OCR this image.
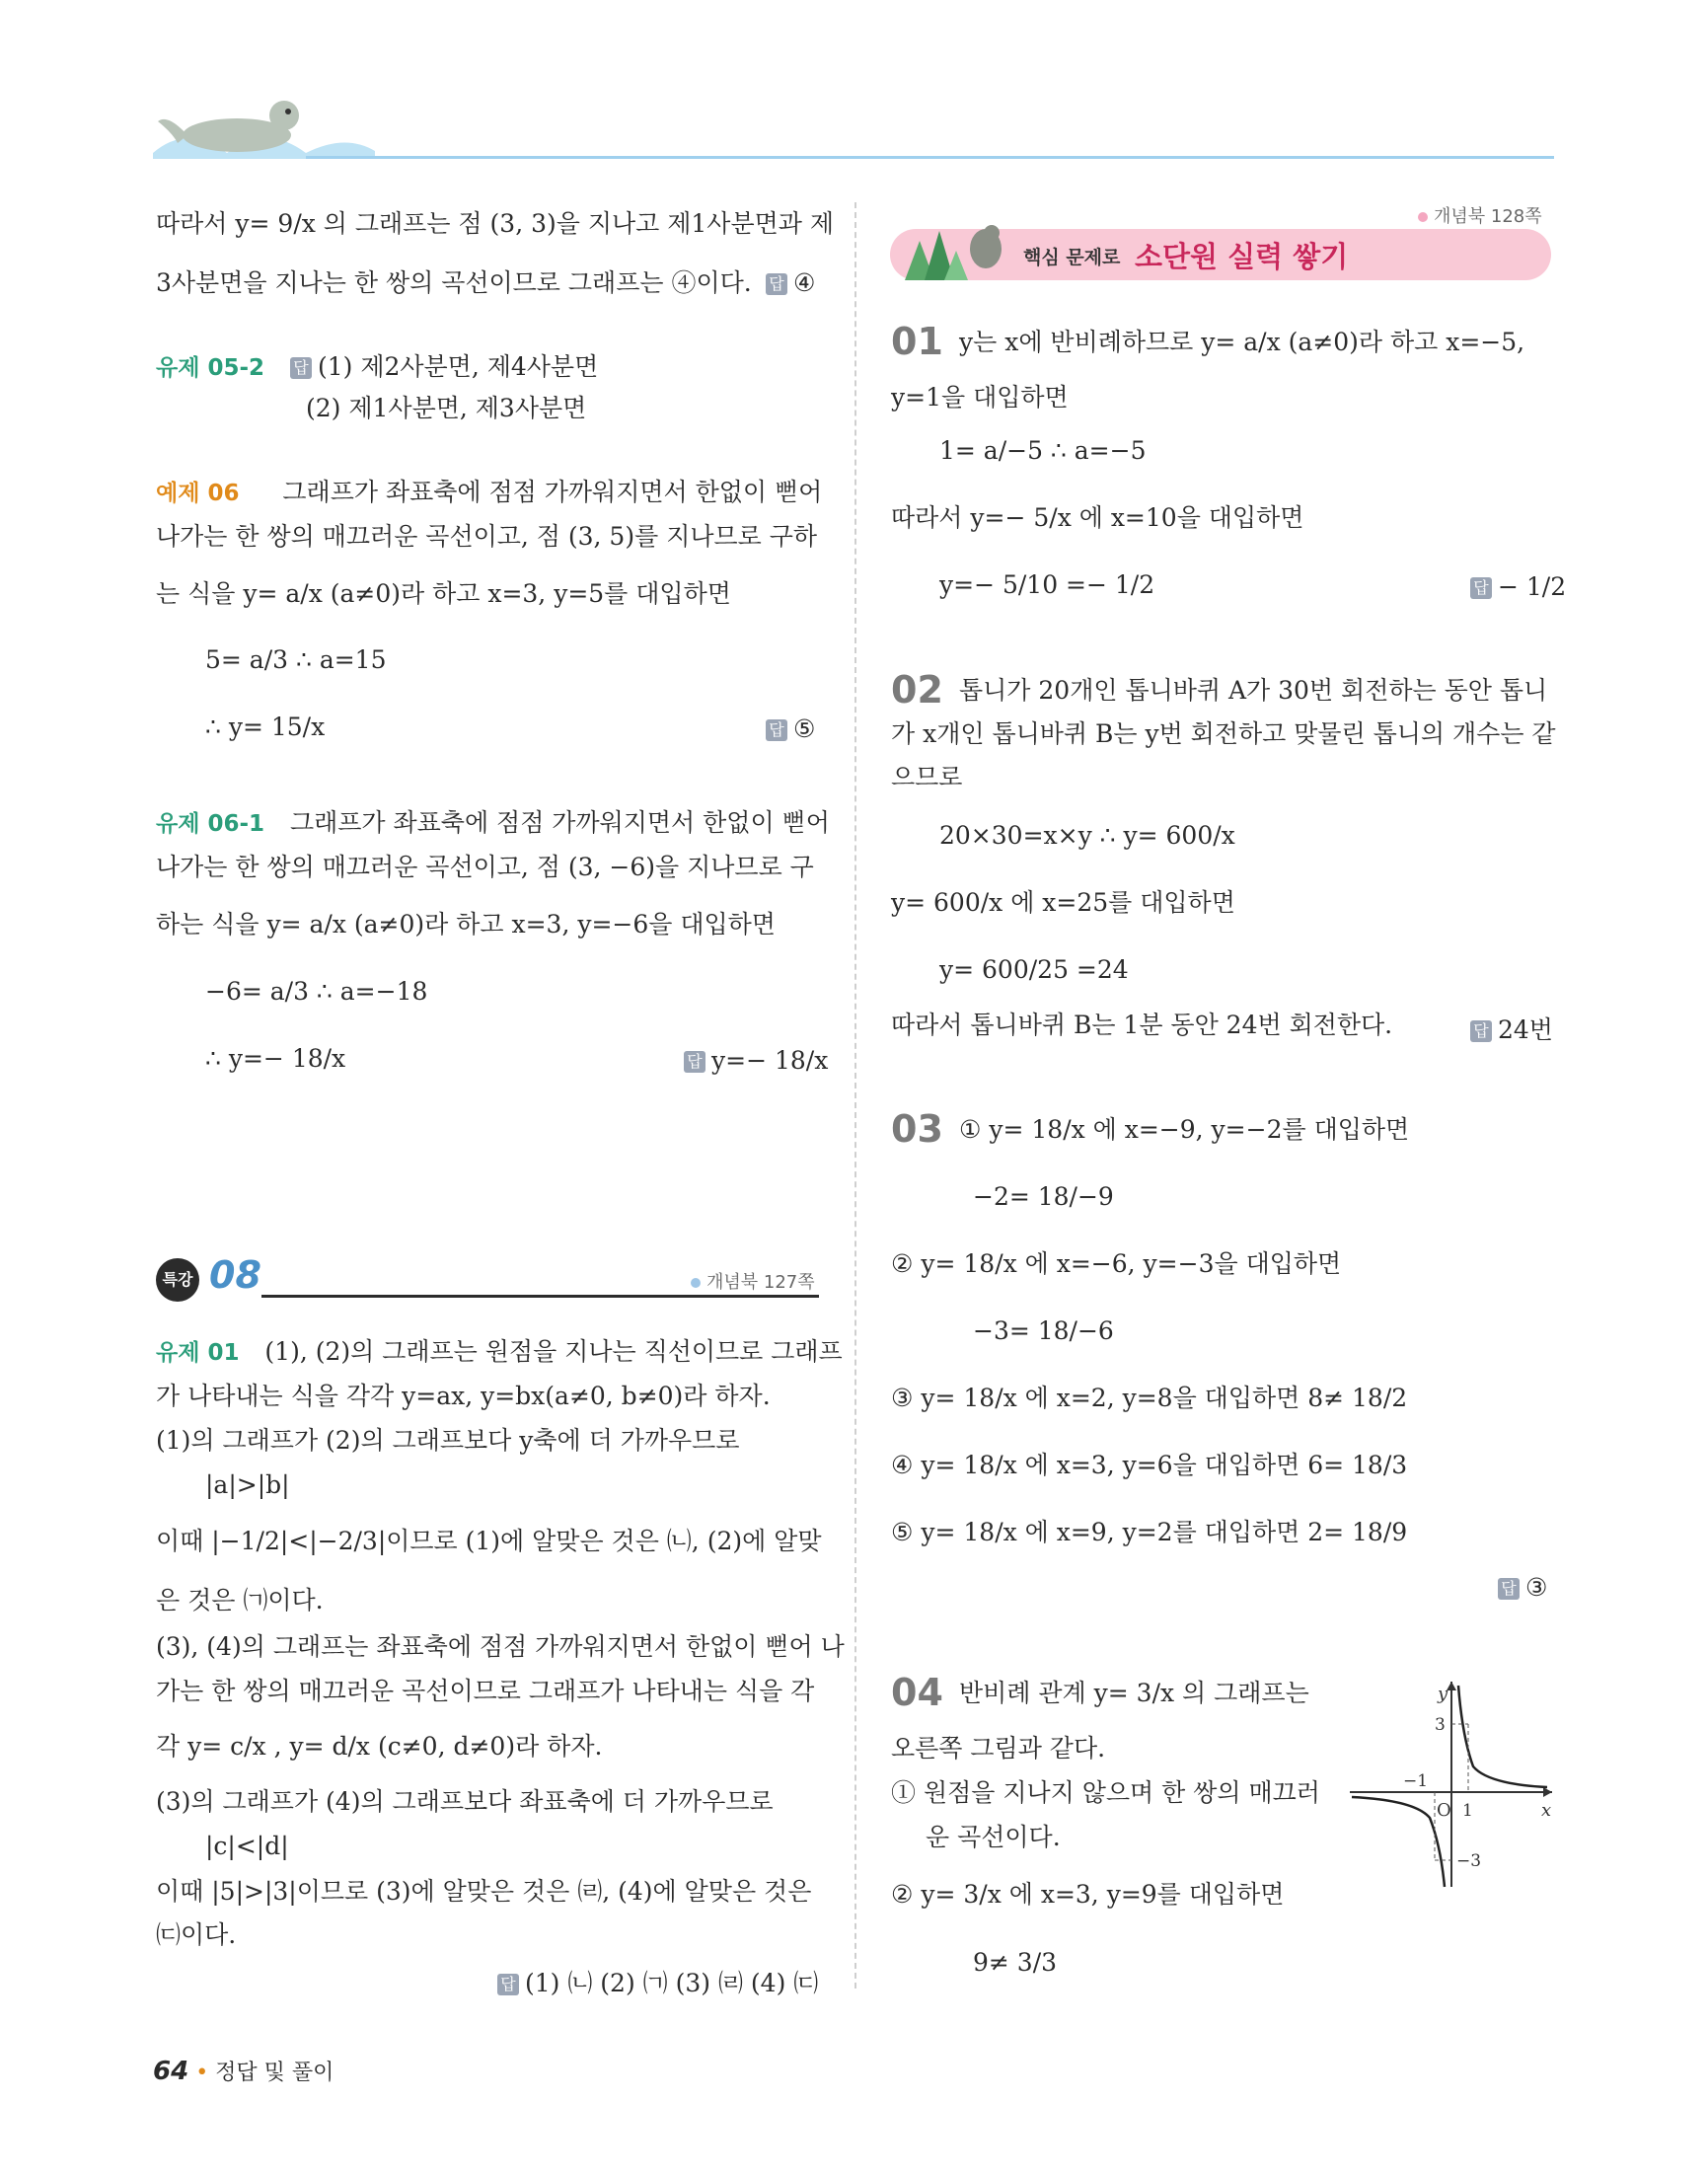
따라서 y= 9/x 의 그래프는 점 (3, 3)을 지나고 제1사분면과 제
3사분면을 지나는 한 쌍의 곡선이므로 그래프는 ④이다. 답 ④
유제 05-2 답 (1) 제2사분면, 제4사분면
(2) 제1사분면, 제3사분면
예제 06 그래프가 좌표축에 점점 가까워지면서 한없이 뻗어
나가는 한 쌍의 매끄러운 곡선이고, 점 (3, 5)를 지나므로 구하
는 식을 y= a/x (a≠0)라 하고 x=3, y=5를 대입하면
5= a/3 ∴ a=15
∴ y= 15/x	답 ⑤
유제 06-1 그래프가 좌표축에 점점 가까워지면서 한없이 뻗어
나가는 한 쌍의 매끄러운 곡선이고, 점 (3, −6)을 지나므로 구
하는 식을 y= a/x (a≠0)라 하고 x=3, y=−6을 대입하면
−6= a/3 ∴ a=−18
∴ y=− 18/x	답 y=− 18/x
특강 08	개념북 127쪽
유제 01 (1), (2)의 그래프는 원점을 지나는 직선이므로 그래프
가 나타내는 식을 각각 y=ax, y=bx(a≠0, b≠0)라 하자.
(1)의 그래프가 (2)의 그래프보다 y축에 더 가까우므로
|a|>|b|
이때 |−1/2|<|−2/3|이므로 (1)에 알맞은 것은 ㈁, (2)에 알맞
은 것은 ㈀이다.
(3), (4)의 그래프는 좌표축에 점점 가까워지면서 한없이 뻗어 나
가는 한 쌍의 매끄러운 곡선이므로 그래프가 나타내는 식을 각
각 y= c/x , y= d/x (c≠0, d≠0)라 하자.
(3)의 그래프가 (4)의 그래프보다 좌표축에 더 가까우므로
|c|<|d|
이때 |5|>|3|이므로 (3)에 알맞은 것은 ㈃, (4)에 알맞은 것은
㈂이다.
답 (1) ㈁ (2) ㈀ (3) ㈃ (4) ㈂
개념북 128쪽
핵심 문제로 소단원 실력 쌓기
01 y는 x에 반비례하므로 y= a/x (a≠0)라 하고 x=−5,
y=1을 대입하면
1= a/−5 ∴ a=−5
따라서 y=− 5/x 에 x=10을 대입하면
y=− 5/10 =− 1/2	답 − 1/2
02 톱니가 20개인 톱니바퀴 A가 30번 회전하는 동안 톱니
가 x개인 톱니바퀴 B는 y번 회전하고 맞물린 톱니의 개수는 같
으므로
20×30=x×y ∴ y= 600/x
y= 600/x 에 x=25를 대입하면
y= 600/25 =24
따라서 톱니바퀴 B는 1분 동안 24번 회전한다.	답 24번
03 ① y= 18/x 에 x=−9, y=−2를 대입하면
−2= 18/−9
② y= 18/x 에 x=−6, y=−3을 대입하면
−3= 18/−6
③ y= 18/x 에 x=2, y=8을 대입하면 8≠ 18/2
④ y= 18/x 에 x=3, y=6을 대입하면 6= 18/3
⑤ y= 18/x 에 x=9, y=2를 대입하면 2= 18/9
답 ③
04 반비례 관계 y= 3/x 의 그래프는
오른쪽 그림과 같다.
① 원점을 지나지 않으며 한 쌍의 매끄러
운 곡선이다.
② y= 3/x 에 x=3, y=9를 대입하면
9≠ 3/3
y
x
O
3
−1
1
−3
64 • 정답 및 풀이
